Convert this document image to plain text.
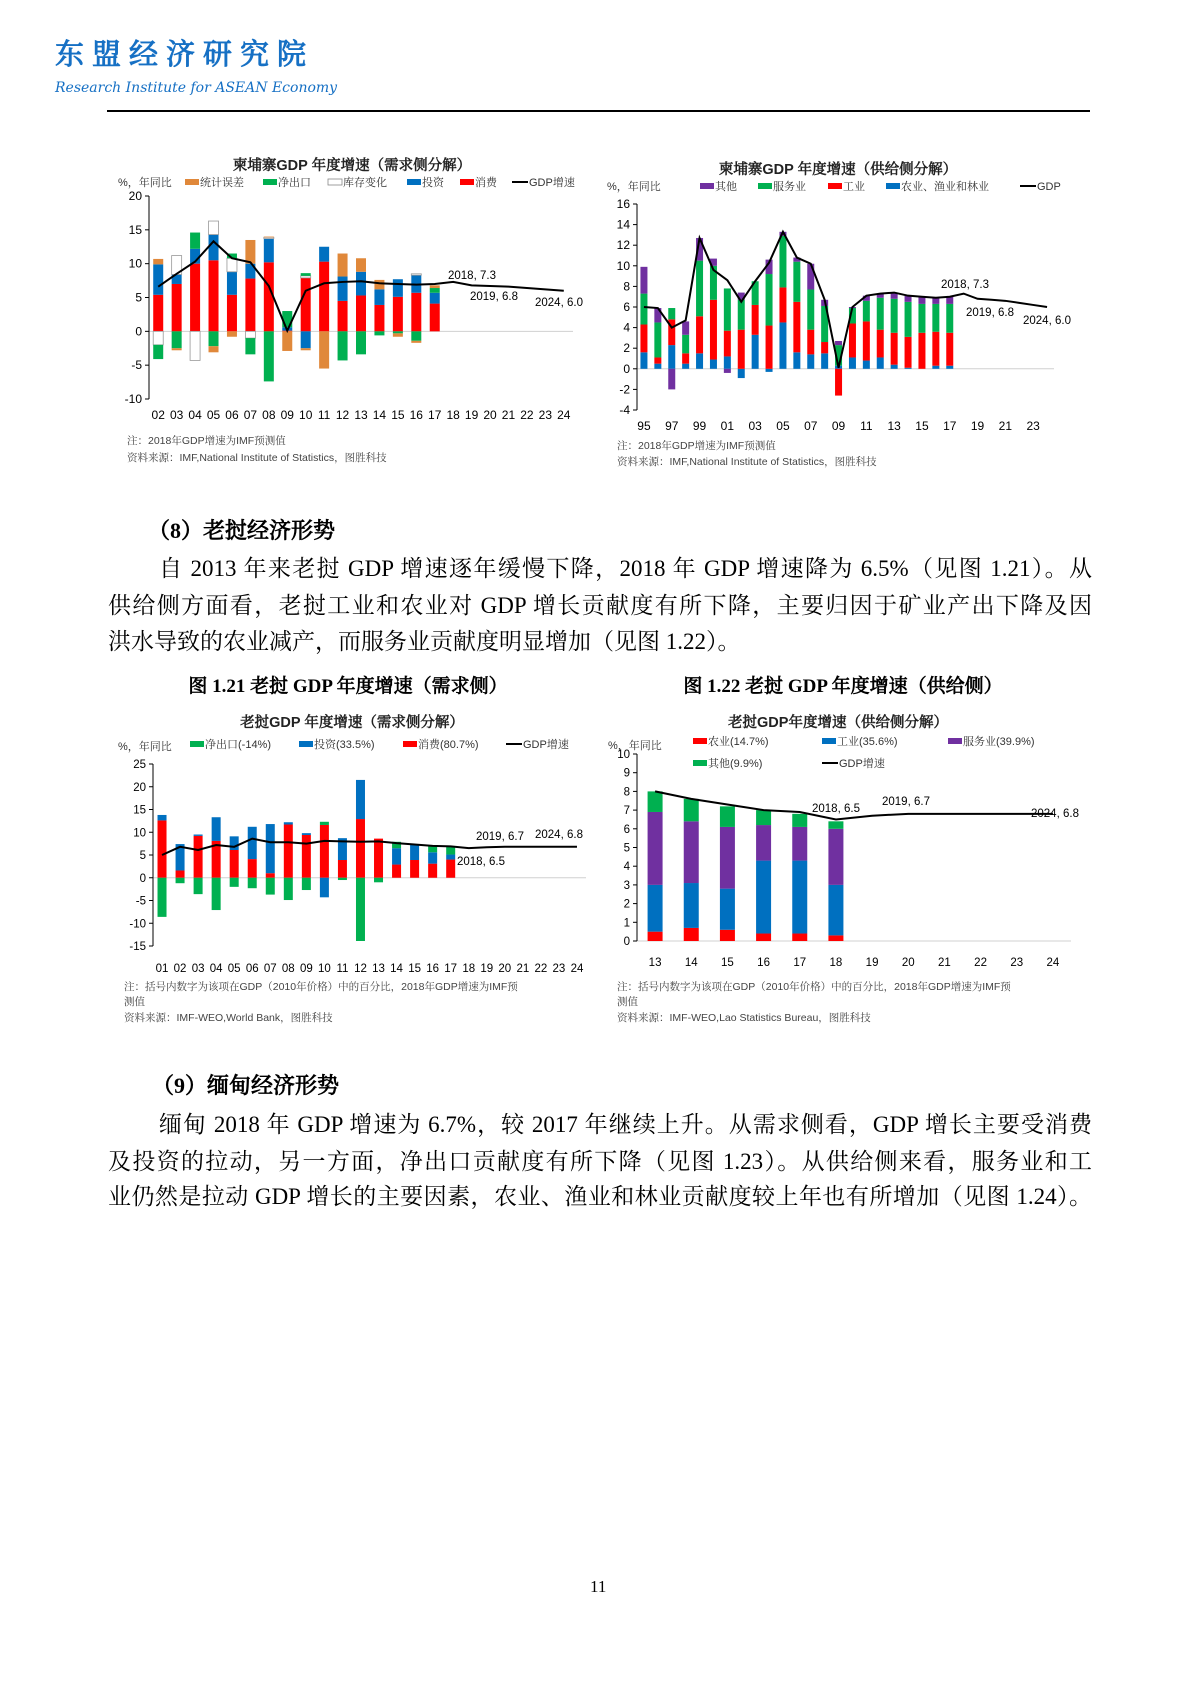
东盟经济研究院
Research Institute for ASEAN Economy
柬埔寨GDP 年度增速（需求侧分解）
%，年同比
-10
-5
0
5
10
15
20
02 03 04 05 06 07 08 09 10 11 12 13 14 15 16 17 18 19 20 21 22 23 24
统计误差	净出口	库存变化	投资	消费	GDP增速
2018, 7.3
2019, 6.8 2024, 6.0
注：2018年GDP增速为IMF预测值
资料来源：IMF,National Institute of Statistics，图胜科技
柬埔寨GDP 年度增速（供给侧分解）
%，年同比
-4
-2
0
2
4
6
8
10
12
14
16
95 97 99 01 03 05 07 09 11 13 15 17 19 21 23
其他	服务业	工业	农业、渔业和林业	GDP
2018, 7.3
2019, 6.8
2024, 6.0
注：2018年GDP增速为IMF预测值
资料来源：IMF,National Institute of Statistics，图胜科技
老挝GDP 年度增速（需求侧分解）
%，年同比
-15
-10
-5
0
5
10
15
20
25
01 02 03 04 05 06 07 08 09 10 11 12 13 14 15 16 17 18 19 20 21 22 23 24
净出口(-14%)	投资(33.5%)	消费(80.7%)	GDP增速
2019, 6.7 2024, 6.8
2018, 6.5
注：括号内数字为该项在GDP（2010年价格）中的百分比，2018年GDP增速为IMF预
测值
资料来源：IMF-WEO,World Bank，图胜科技
老挝GDP年度增速（供给侧分解）
%，年同比
0
1
2
3
4
5
6
7
8
9
10
13 14 15 16 17 18 19 20 21 22 23 24
农业(14.7%)	工业(35.6%)	服务业(39.9%)
其他(9.9%)	GDP增速
2018, 6.5
2019, 6.7
2024, 6.8
注：括号内数字为该项在GDP（2010年价格）中的百分比，2018年GDP增速为IMF预
测值
资料来源：IMF-WEO,Lao Statistics Bureau，图胜科技
（8）老挝经济形势
自 2013 年来老挝 GDP 增速逐年缓慢下降，2018 年 GDP 增速降为 6.5%（见图 1.21）。从
供给侧方面看，老挝工业和农业对 GDP 增长贡献度有所下降，主要归因于矿业产出下降及因
洪水导致的农业减产，而服务业贡献度明显增加（见图 1.22）。
图 1.21 老挝 GDP 年度增速（需求侧）	图 1.22 老挝 GDP 年度增速（供给侧）
（9）缅甸经济形势
缅甸 2018 年 GDP 增速为 6.7%，较 2017 年继续上升。从需求侧看，GDP 增长主要受消费
及投资的拉动，另一方面，净出口贡献度有所下降（见图 1.23）。从供给侧来看，服务业和工
业仍然是拉动 GDP 增长的主要因素，农业、渔业和林业贡献度较上年也有所增加（见图 1.24）。
11
